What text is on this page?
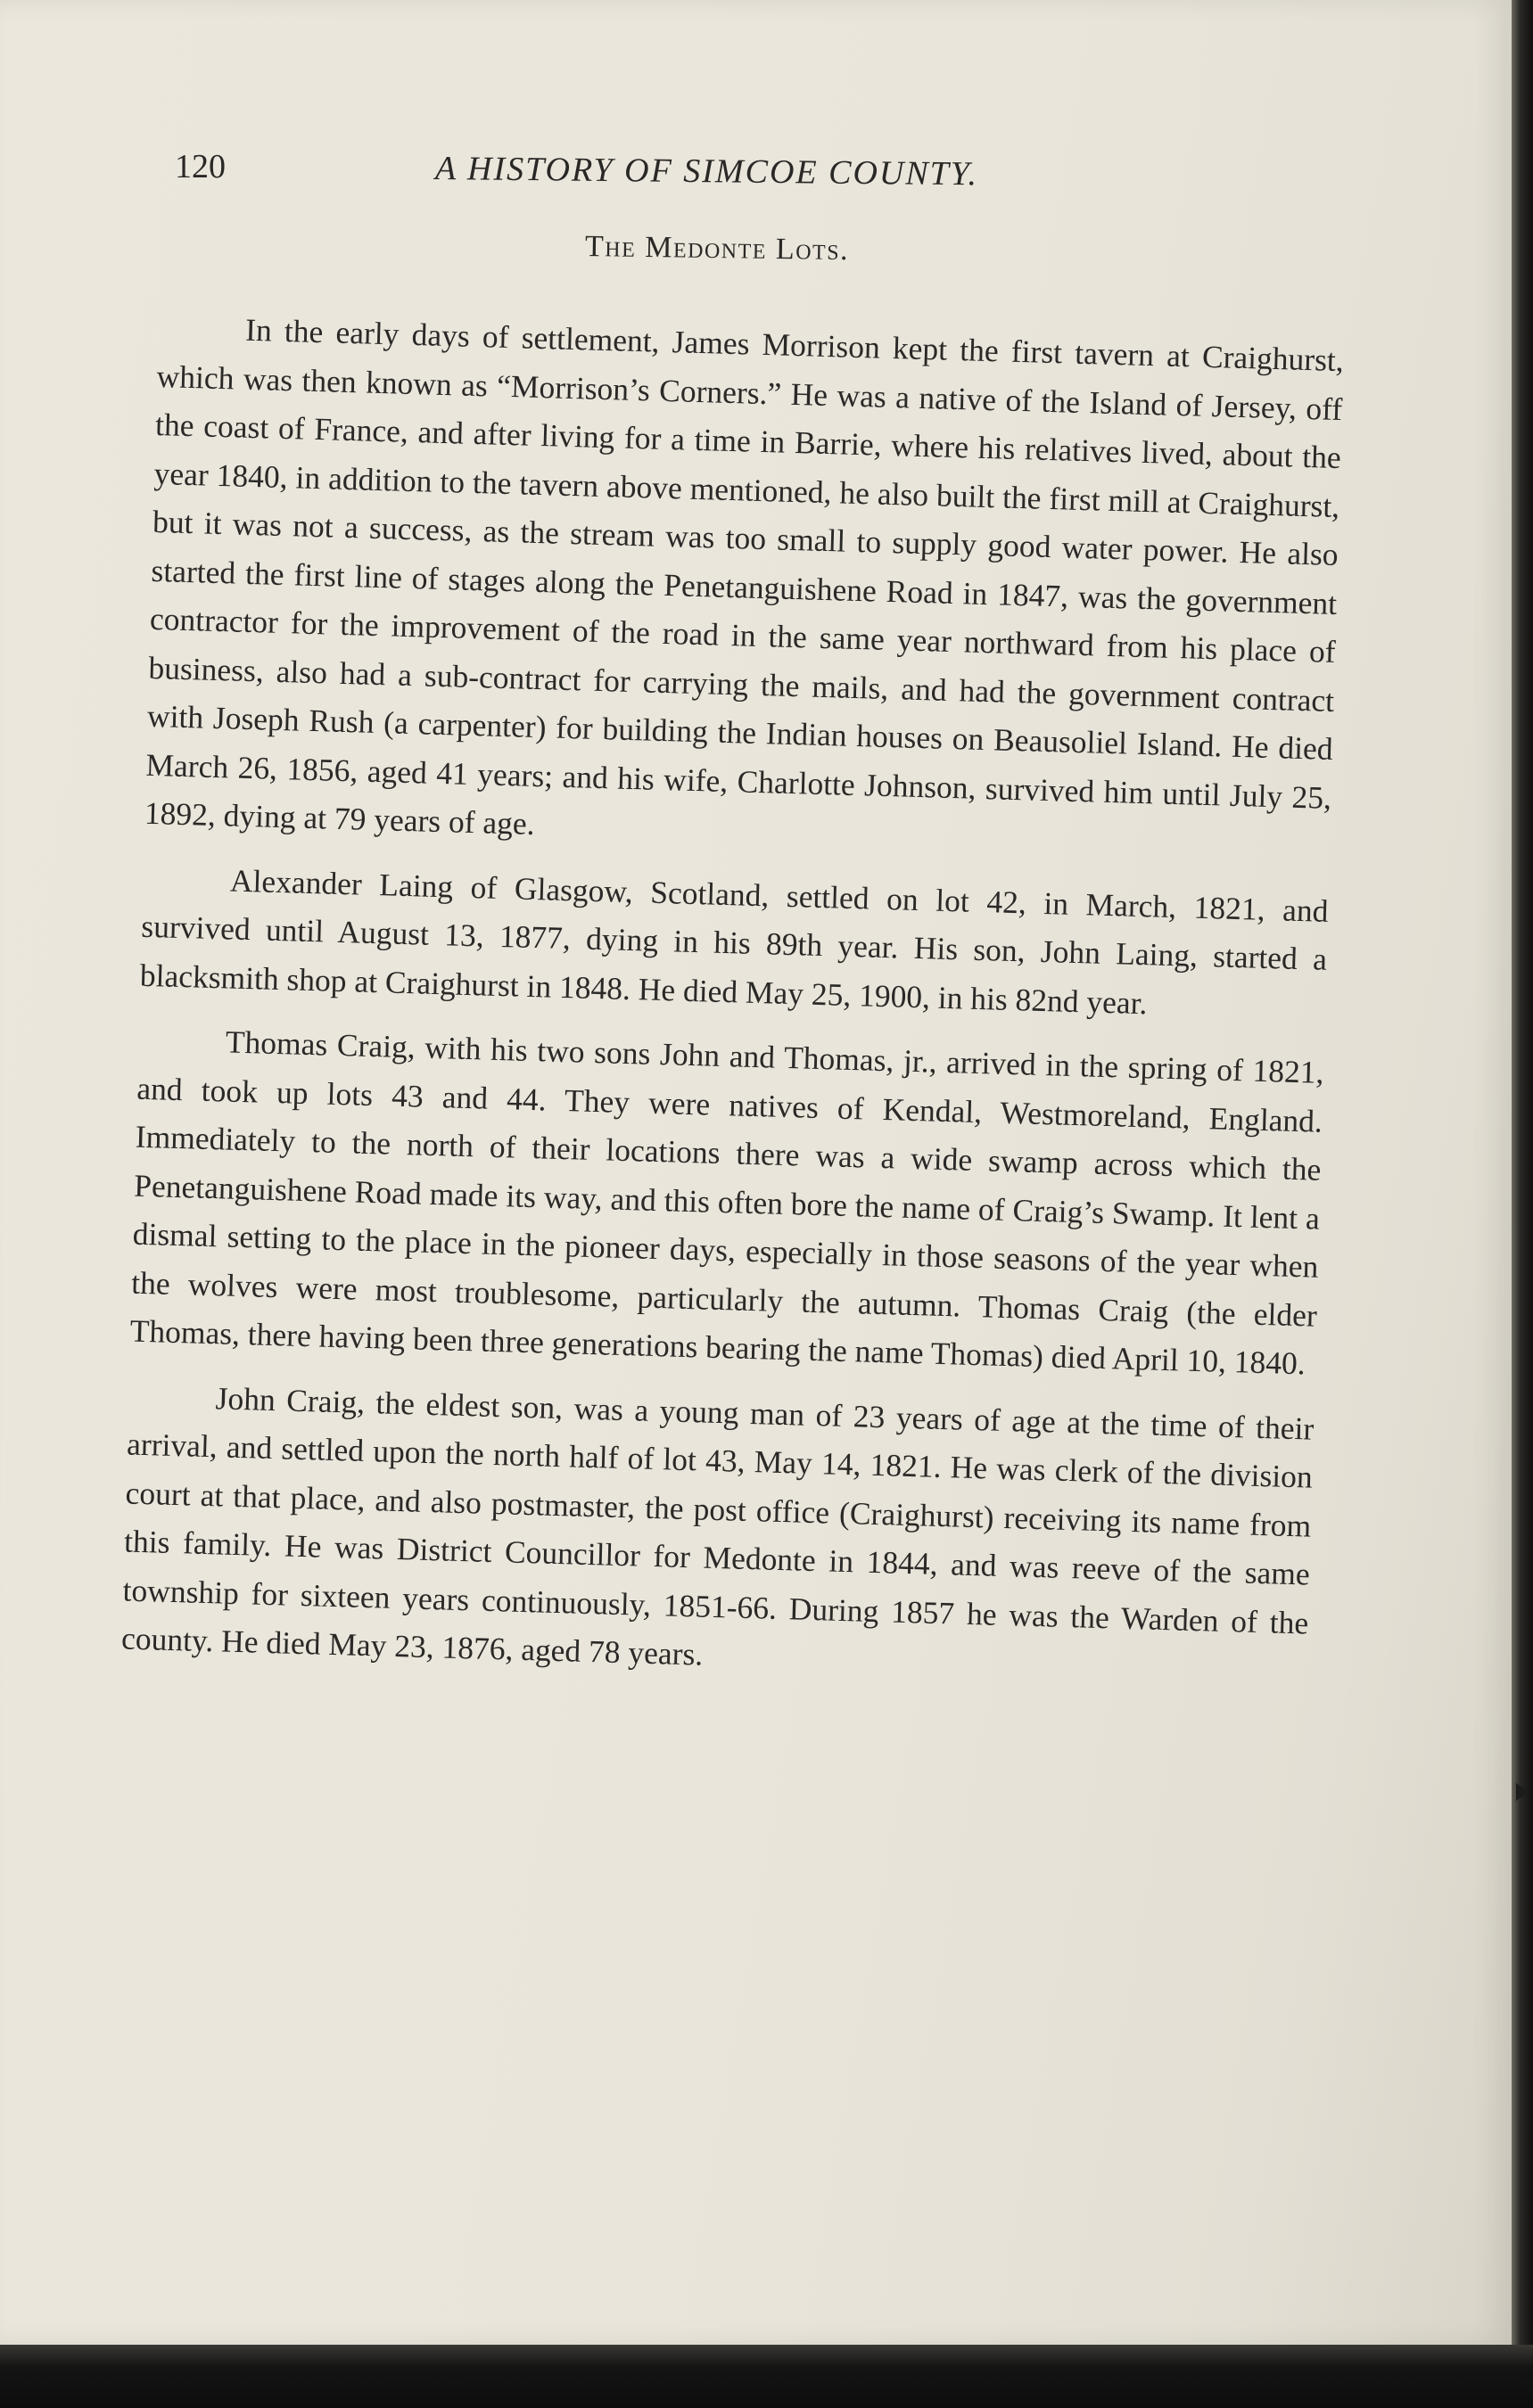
120	A HISTORY OF SIMCOE COUNTY.
The Medonte Lots.

In the early days of settlement, James Morrison kept the first tavern at Craighurst, which was then known as “Morrison’s Corners.” He was a native of the Island of Jersey, off the coast of France, and after living for a time in Barrie, where his relatives lived, about the year 1840, in addition to the tavern above mentioned, he also built the first mill at Craighurst, but it was not a success, as the stream was too small to supply good water power. He also started the first line of stages along the Penetanguishene Road in 1847, was the government contractor for the improvement of the road in the same year northward from his place of business, also had a sub-contract for carrying the mails, and had the government contract with Joseph Rush (a carpenter) for building the Indian houses on Beausoliel Island. He died March 26, 1856, aged 41 years; and his wife, Charlotte Johnson, survived him until July 25, 1892, dying at 79 years of age.

Alexander Laing of Glasgow, Scotland, settled on lot 42, in March, 1821, and survived until August 13, 1877, dying in his 89th year. His son, John Laing, started a blacksmith shop at Craighurst in 1848. He died May 25, 1900, in his 82nd year.

Thomas Craig, with his two sons John and Thomas, jr., arrived in the spring of 1821, and took up lots 43 and 44. They were natives of Kendal, Westmoreland, England. Immediately to the north of their locations there was a wide swamp across which the Penetanguishene Road made its way, and this often bore the name of Craig’s Swamp. It lent a dismal setting to the place in the pioneer days, especially in those seasons of the year when the wolves were most troublesome, particularly the autumn. Thomas Craig (the elder Thomas, there having been three generations bearing the name Thomas) died April 10, 1840.

John Craig, the eldest son, was a young man of 23 years of age at the time of their arrival, and settled upon the north half of lot 43, May 14, 1821. He was clerk of the division court at that place, and also postmaster, the post office (Craighurst) receiving its name from this family. He was District Councillor for Medonte in 1844, and was reeve of the same township for sixteen years continuously, 1851-66. During 1857 he was the Warden of the county. He died May 23, 1876, aged 78 years.
